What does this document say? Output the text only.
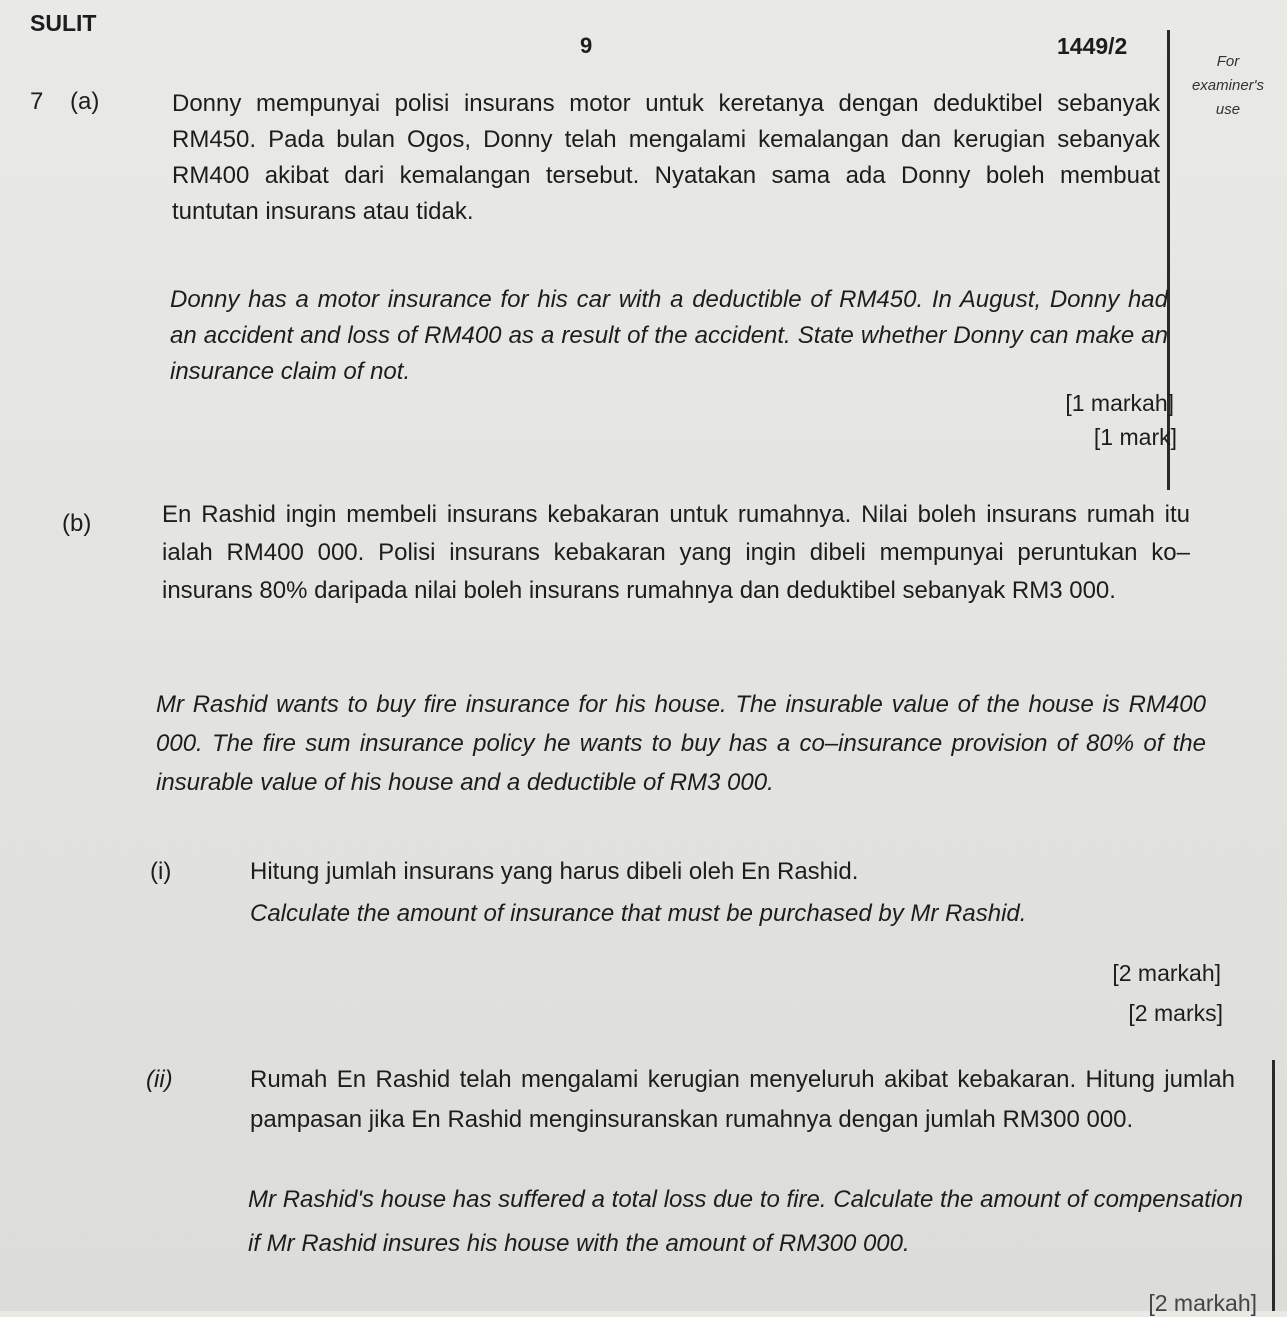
SULIT
9	1449/2
For
examiner's
use
7 (a)	Donny mempunyai polisi insurans motor untuk keretanya dengan deduktibel sebanyak RM450. Pada bulan Ogos, Donny telah mengalami kemalangan dan kerugian sebanyak RM400 akibat dari kemalangan tersebut. Nyatakan sama ada Donny boleh membuat tuntutan insurans atau tidak.
Donny has a motor insurance for his car with a deductible of RM450. In August, Donny had an accident and loss of RM400 as a result of the accident. State whether Donny can make an insurance claim of not.
[1 markah]
[1 mark]
(b)	En Rashid ingin membeli insurans kebakaran untuk rumahnya. Nilai boleh insurans rumah itu ialah RM400 000. Polisi insurans kebakaran yang ingin dibeli mempunyai peruntukan ko–insurans 80% daripada nilai boleh insurans rumahnya dan deduktibel sebanyak RM3 000.
Mr Rashid wants to buy fire insurance for his house. The insurable value of the house is RM400 000. The fire sum insurance policy he wants to buy has a co–insurance provision of 80% of the insurable value of his house and a deductible of RM3 000.
(i)	Hitung jumlah insurans yang harus dibeli oleh En Rashid.
Calculate the amount of insurance that must be purchased by Mr Rashid.
[2 markah]
[2 marks]
(ii)	Rumah En Rashid telah mengalami kerugian menyeluruh akibat kebakaran. Hitung jumlah pampasan jika En Rashid menginsuranskan rumahnya dengan jumlah RM300 000.
Mr Rashid's house has suffered a total loss due to fire. Calculate the amount of compensation if Mr Rashid insures his house with the amount of RM300 000.
[2 markah]
